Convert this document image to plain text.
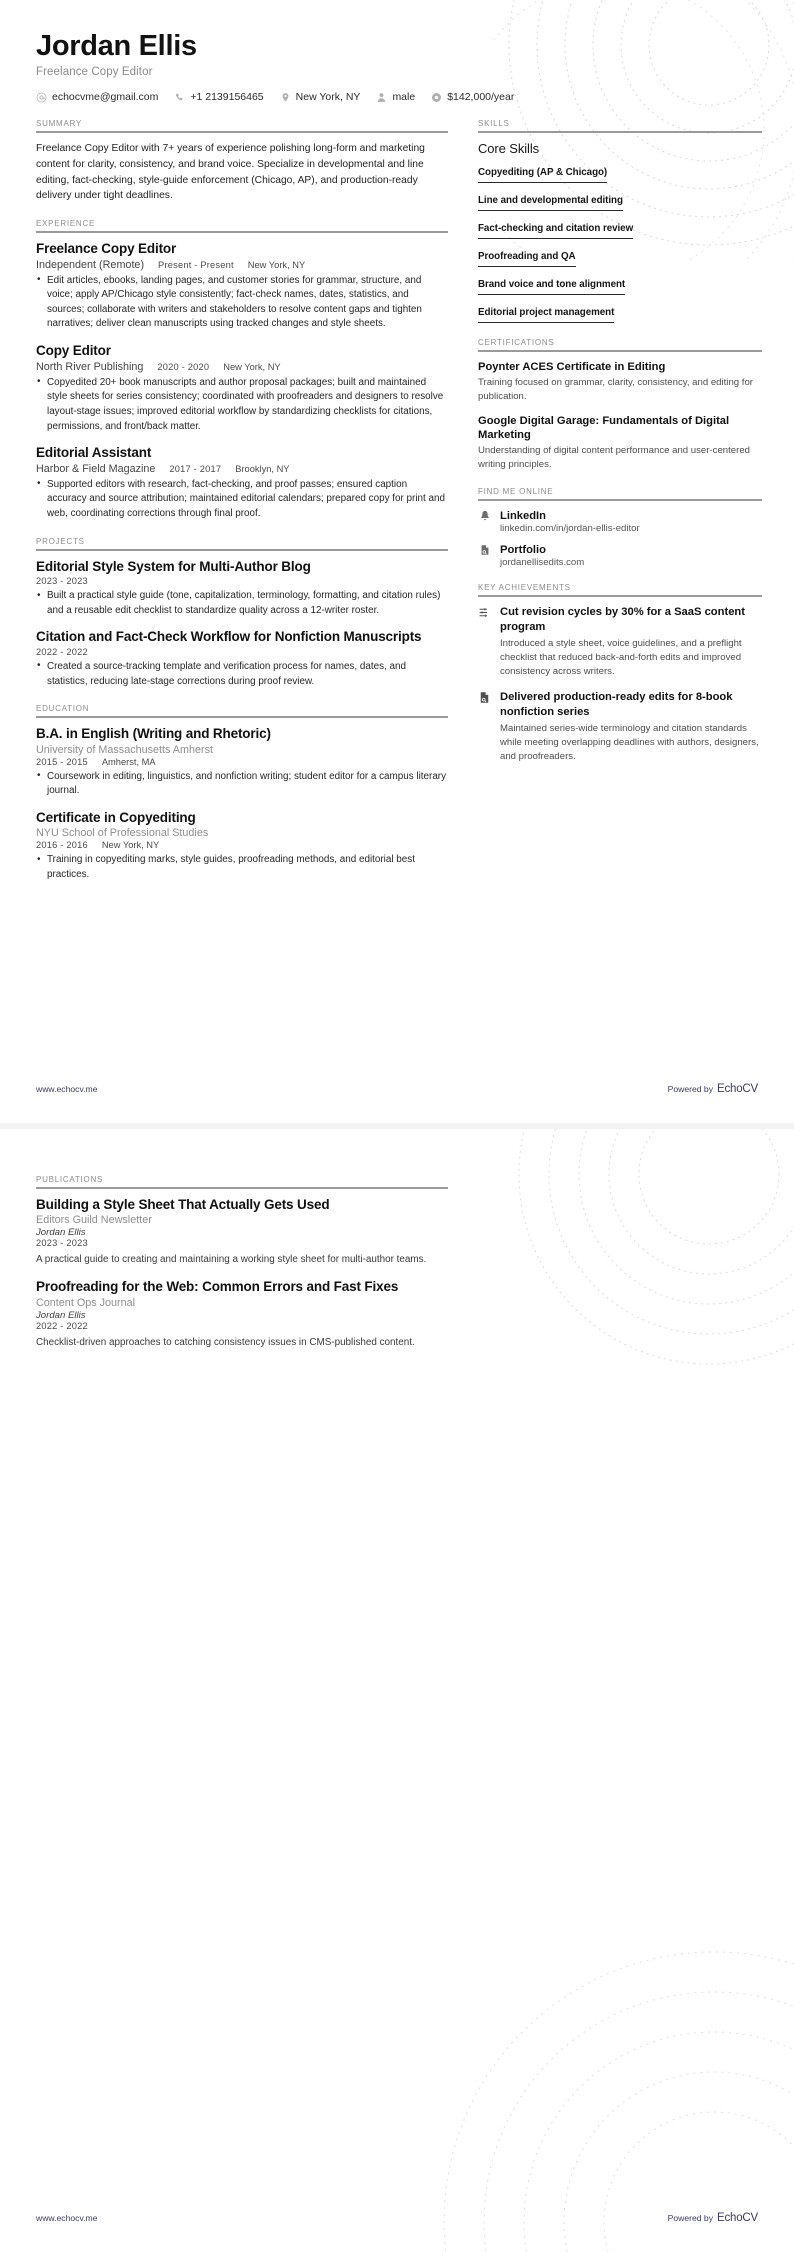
Jordan Ellis
Freelance Copy Editor
echocvme@gmail.com	+1 2139156465	New York, NY	male	$142,000/year
SUMMARY
Freelance Copy Editor with 7+ years of experience polishing long-form and marketing content for clarity, consistency, and brand voice. Specialize in developmental and line editing, fact-checking, style-guide enforcement (Chicago, AP), and production-ready delivery under tight deadlines.
EXPERIENCE
Freelance Copy Editor
Independent (Remote) Present - Present New York, NY
• Edit articles, ebooks, landing pages, and customer stories for grammar, structure, and voice; apply AP/Chicago style consistently; fact-check names, dates, statistics, and sources; collaborate with writers and stakeholders to resolve content gaps and tighten narratives; deliver clean manuscripts using tracked changes and style sheets.
Copy Editor
North River Publishing 2020 - 2020 New York, NY
• Copyedited 20+ book manuscripts and author proposal packages; built and maintained style sheets for series consistency; coordinated with proofreaders and designers to resolve layout-stage issues; improved editorial workflow by standardizing checklists for citations, permissions, and front/back matter.
Editorial Assistant
Harbor & Field Magazine 2017 - 2017 Brooklyn, NY
• Supported editors with research, fact-checking, and proof passes; ensured caption accuracy and source attribution; maintained editorial calendars; prepared copy for print and web, coordinating corrections through final proof.
PROJECTS
Editorial Style System for Multi-Author Blog
2023 - 2023
• Built a practical style guide (tone, capitalization, terminology, formatting, and citation rules) and a reusable edit checklist to standardize quality across a 12-writer roster.
Citation and Fact-Check Workflow for Nonfiction Manuscripts
2022 - 2022
• Created a source-tracking template and verification process for names, dates, and statistics, reducing late-stage corrections during proof review.
EDUCATION
B.A. in English (Writing and Rhetoric)
University of Massachusetts Amherst
2015 - 2015 Amherst, MA
• Coursework in editing, linguistics, and nonfiction writing; student editor for a campus literary journal.
Certificate in Copyediting
NYU School of Professional Studies
2016 - 2016 New York, NY
• Training in copyediting marks, style guides, proofreading methods, and editorial best practices.
SKILLS
Core Skills
Copyediting (AP & Chicago)
Line and developmental editing
Fact-checking and citation review
Proofreading and QA
Brand voice and tone alignment
Editorial project management
CERTIFICATIONS
Poynter ACES Certificate in Editing
Training focused on grammar, clarity, consistency, and editing for publication.
Google Digital Garage: Fundamentals of Digital Marketing
Understanding of digital content performance and user-centered writing principles.
FIND ME ONLINE
LinkedIn
linkedin.com/in/jordan-ellis-editor
Portfolio
jordanellisedits.com
KEY ACHIEVEMENTS
Cut revision cycles by 30% for a SaaS content program
Introduced a style sheet, voice guidelines, and a preflight checklist that reduced back-and-forth edits and improved consistency across writers.
Delivered production-ready edits for 8-book nonfiction series
Maintained series-wide terminology and citation standards while meeting overlapping deadlines with authors, designers, and proofreaders.
www.echocv.me	Powered by EchoCV
PUBLICATIONS
Building a Style Sheet That Actually Gets Used
Editors Guild Newsletter
Jordan Ellis
2023 - 2023
A practical guide to creating and maintaining a working style sheet for multi-author teams.
Proofreading for the Web: Common Errors and Fast Fixes
Content Ops Journal
Jordan Ellis
2022 - 2022
Checklist-driven approaches to catching consistency issues in CMS-published content.
www.echocv.me	Powered by EchoCV
